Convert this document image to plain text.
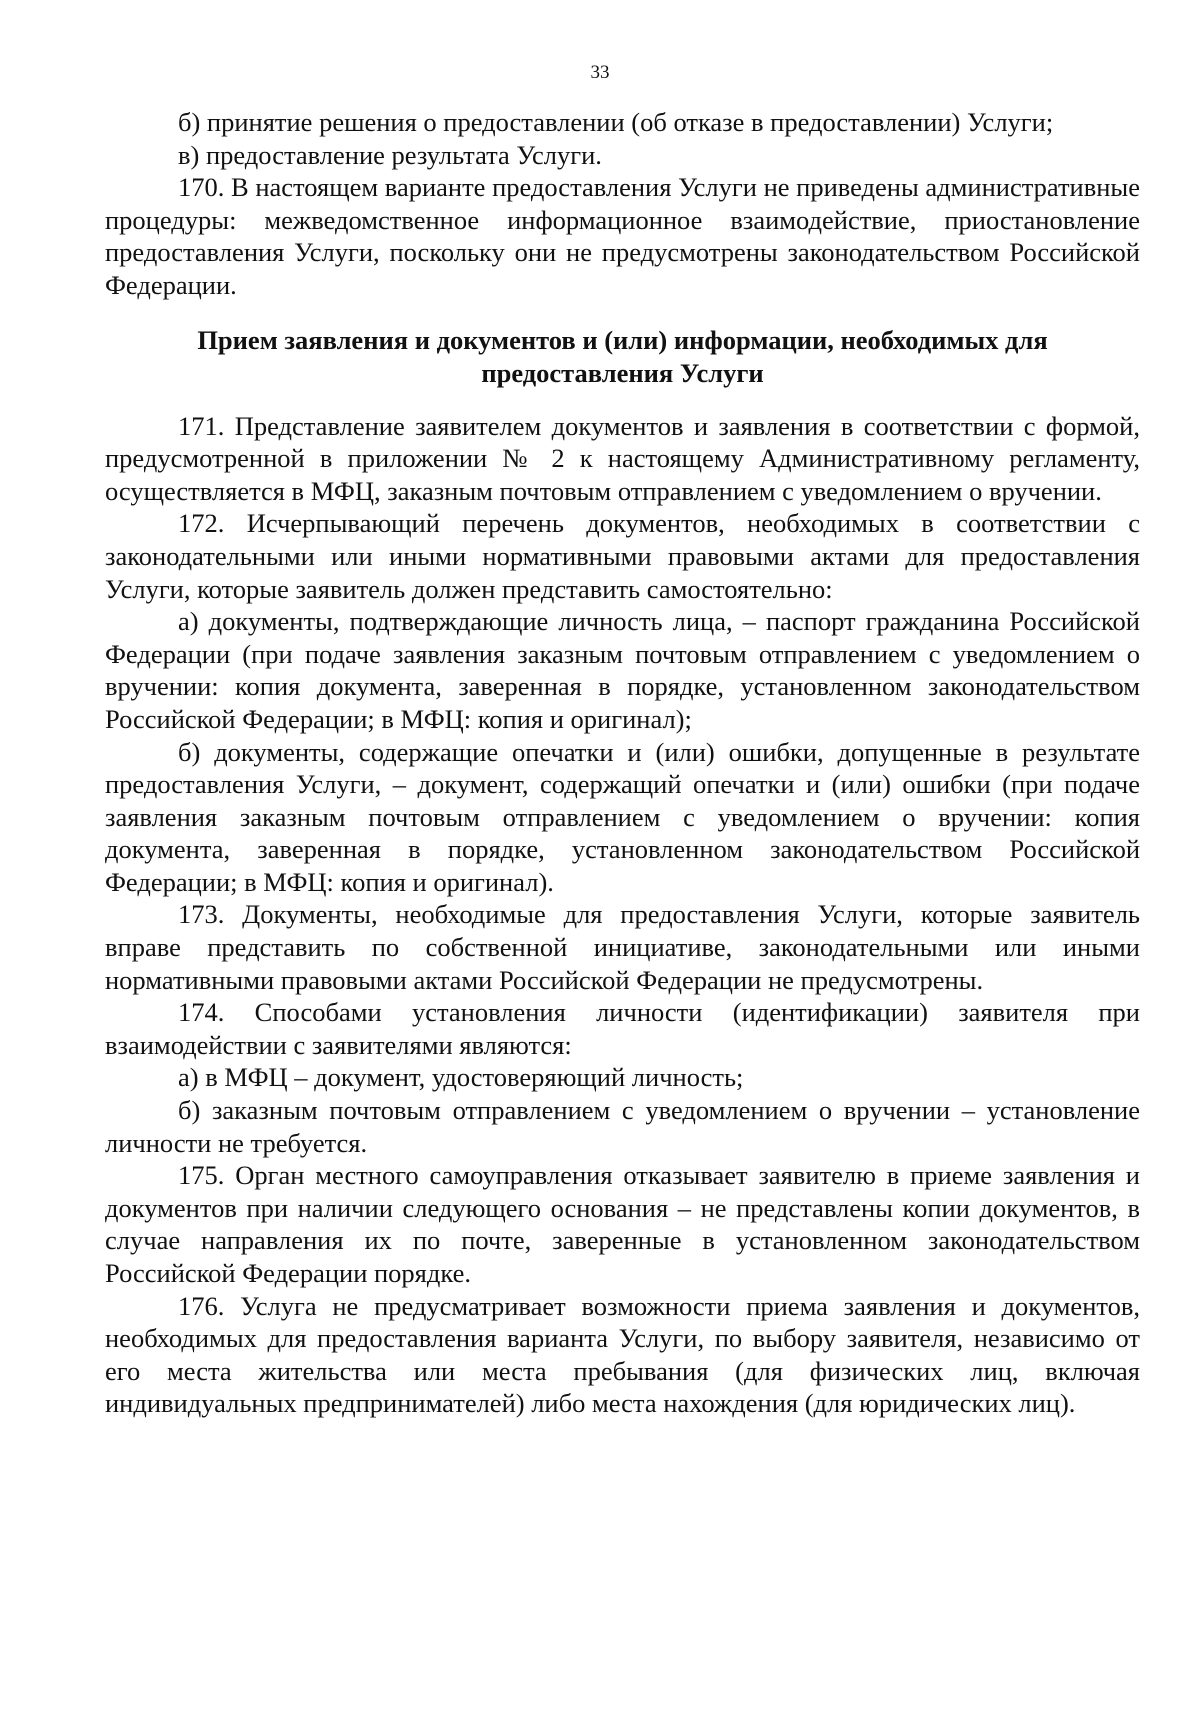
33

б) принятие решения о предоставлении (об отказе в предоставлении) Услуги;

в) предоставление результата Услуги.

170. В настоящем варианте предоставления Услуги не приведены административные процедуры: межведомственное информационное взаимодействие, приостановление предоставления Услуги, поскольку они не предусмотрены законодательством Российской Федерации.

Прием заявления и документов и (или) информации, необходимых для предоставления Услуги

171. Представление заявителем документов и заявления в соответствии с формой, предусмотренной в приложении № 2 к настоящему Административному регламенту, осуществляется в МФЦ, заказным почтовым отправлением с уведомлением о вручении.

172. Исчерпывающий перечень документов, необходимых в соответствии с законодательными или иными нормативными правовыми актами для предоставления Услуги, которые заявитель должен представить самостоятельно:

а) документы, подтверждающие личность лица, – паспорт гражданина Российской Федерации (при подаче заявления заказным почтовым отправлением с уведомлением о вручении: копия документа, заверенная в порядке, установленном законодательством Российской Федерации; в МФЦ: копия и оригинал);

б) документы, содержащие опечатки и (или) ошибки, допущенные в результате предоставления Услуги, – документ, содержащий опечатки и (или) ошибки (при подаче заявления заказным почтовым отправлением с уведомлением о вручении: копия документа, заверенная в порядке, установленном законодательством Российской Федерации; в МФЦ: копия и оригинал).

173. Документы, необходимые для предоставления Услуги, которые заявитель вправе представить по собственной инициативе, законодательными или иными нормативными правовыми актами Российской Федерации не предусмотрены.

174. Способами установления личности (идентификации) заявителя при взаимодействии с заявителями являются:

а) в МФЦ – документ, удостоверяющий личность;

б) заказным почтовым отправлением с уведомлением о вручении – установление личности не требуется.

175. Орган местного самоуправления отказывает заявителю в приеме заявления и документов при наличии следующего основания – не представлены копии документов, в случае направления их по почте, заверенные в установленном законодательством Российской Федерации порядке.

176. Услуга не предусматривает возможности приема заявления и документов, необходимых для предоставления варианта Услуги, по выбору заявителя, независимо от его места жительства или места пребывания (для физических лиц, включая индивидуальных предпринимателей) либо места нахождения (для юридических лиц).
